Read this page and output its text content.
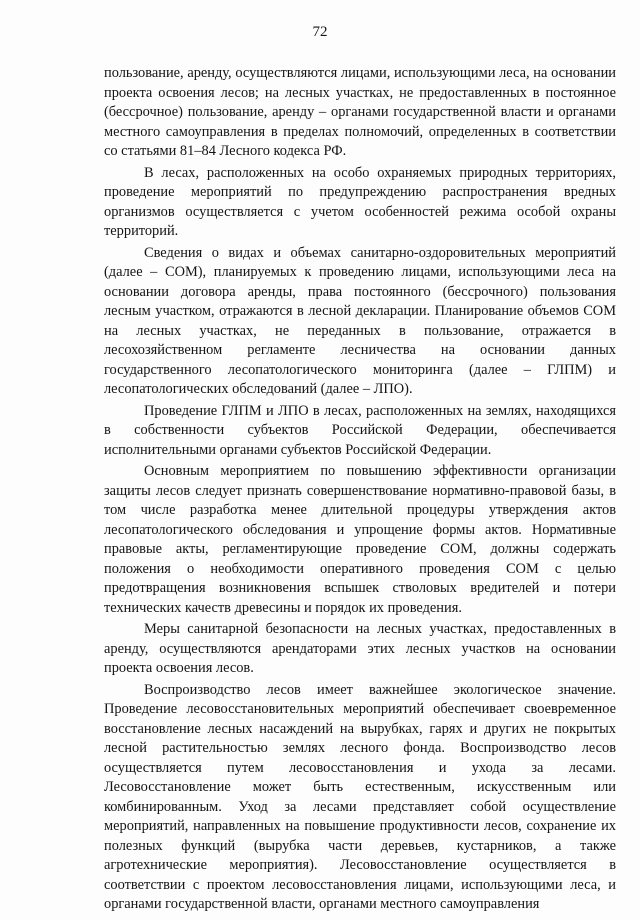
72

пользование, аренду, осуществляются лицами, использующими леса, на основании проекта освоения лесов; на лесных участках, не предоставленных в постоянное (бессрочное) пользование, аренду – органами государственной власти и органами местного самоуправления в пределах полномочий, определенных в соответствии со статьями 81–84 Лесного кодекса РФ.

В лесах, расположенных на особо охраняемых природных территориях, проведение мероприятий по предупреждению распространения вредных организмов осуществляется с учетом особенностей режима особой охраны территорий.

Сведения о видах и объемах санитарно-оздоровительных мероприятий (далее – СОМ), планируемых к проведению лицами, использующими леса на основании договора аренды, права постоянного (бессрочного) пользования лесным участком, отражаются в лесной декларации. Планирование объемов СОМ на лесных участках, не переданных в пользование, отражается в лесохозяйственном регламенте лесничества на основании данных государственного лесопатологического мониторинга (далее – ГЛПМ) и лесопатологических обследований (далее – ЛПО).

Проведение ГЛПМ и ЛПО в лесах, расположенных на землях, находящихся в собственности субъектов Российской Федерации, обеспечивается исполнительными органами субъектов Российской Федерации.

Основным мероприятием по повышению эффективности организации защиты лесов следует признать совершенствование нормативно-правовой базы, в том числе разработка менее длительной процедуры утверждения актов лесопатологического обследования и упрощение формы актов. Нормативные правовые акты, регламентирующие проведение СОМ, должны содержать положения о необходимости оперативного проведения СОМ с целью предотвращения возникновения вспышек стволовых вредителей и потери технических качеств древесины и порядок их проведения.

Меры санитарной безопасности на лесных участках, предоставленных в аренду, осуществляются арендаторами этих лесных участков на основании проекта освоения лесов.

Воспроизводство лесов имеет важнейшее экологическое значение. Проведение лесовосстановительных мероприятий обеспечивает своевременное восстановление лесных насаждений на вырубках, гарях и других не покрытых лесной растительностью землях лесного фонда. Воспроизводство лесов осуществляется путем лесовосстановления и ухода за лесами. Лесовосстановление может быть естественным, искусственным или комбинированным. Уход за лесами представляет собой осуществление мероприятий, направленных на повышение продуктивности лесов, сохранение их полезных функций (вырубка части деревьев, кустарников, а также агротехнические мероприятия). Лесовосстановление осуществляется в соответствии с проектом лесовосстановления лицами, использующими леса, и органами государственной власти, органами местного самоуправления
